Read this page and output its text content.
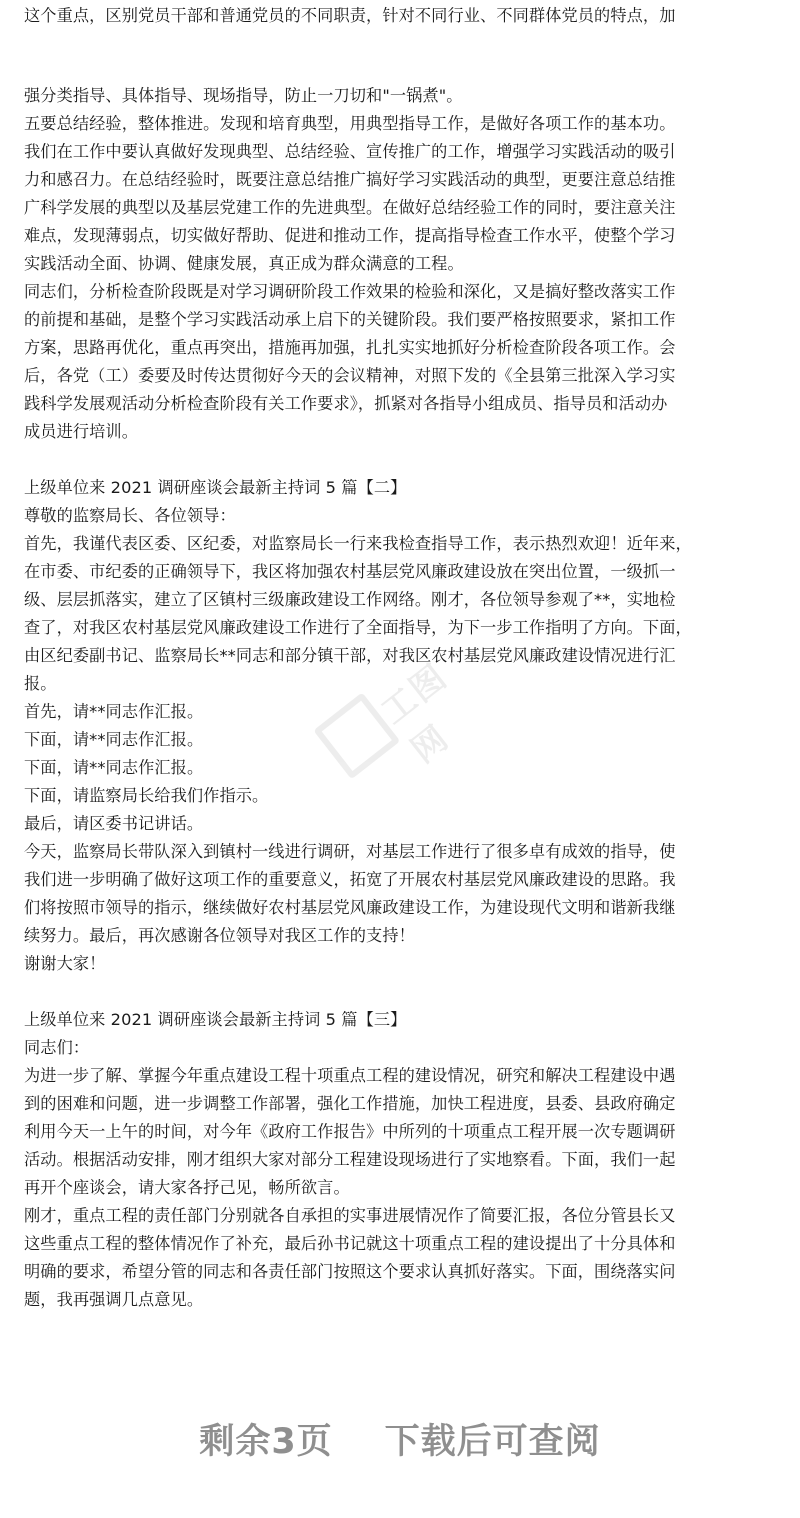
这个重点，区别党员干部和普通党员的不同职责，针对不同行业、不同群体党员的特点，加
强分类指导、具体指导、现场指导，防止一刀切和"一锅煮"。
五要总结经验，整体推进。发现和培育典型，用典型指导工作，是做好各项工作的基本功。
我们在工作中要认真做好发现典型、总结经验、宣传推广的工作，增强学习实践活动的吸引
力和感召力。在总结经验时，既要注意总结推广搞好学习实践活动的典型，更要注意总结推
广科学发展的典型以及基层党建工作的先进典型。在做好总结经验工作的同时，要注意关注
难点，发现薄弱点，切实做好帮助、促进和推动工作，提高指导检查工作水平，使整个学习
实践活动全面、协调、健康发展，真正成为群众满意的工程。
同志们，分析检查阶段既是对学习调研阶段工作效果的检验和深化，又是搞好整改落实工作
的前提和基础，是整个学习实践活动承上启下的关键阶段。我们要严格按照要求，紧扣工作
方案，思路再优化，重点再突出，措施再加强，扎扎实实地抓好分析检查阶段各项工作。会
后，各党（工）委要及时传达贯彻好今天的会议精神，对照下发的《全县第三批深入学习实
践科学发展观活动分析检查阶段有关工作要求》，抓紧对各指导小组成员、指导员和活动办
成员进行培训。
上级单位来 2021 调研座谈会最新主持词 5 篇【二】
尊敬的监察局长、各位领导：
首先，我谨代表区委、区纪委，对监察局长一行来我检查指导工作，表示热烈欢迎！近年来，
在市委、市纪委的正确领导下，我区将加强农村基层党风廉政建设放在突出位置，一级抓一
级、层层抓落实，建立了区镇村三级廉政建设工作网络。刚才，各位领导参观了**，实地检
查了，对我区农村基层党风廉政建设工作进行了全面指导，为下一步工作指明了方向。下面，
由区纪委副书记、监察局长**同志和部分镇干部，对我区农村基层党风廉政建设情况进行汇
报。
首先，请**同志作汇报。
下面，请**同志作汇报。
下面，请**同志作汇报。
下面，请监察局长给我们作指示。
最后，请区委书记讲话。
今天，监察局长带队深入到镇村一线进行调研，对基层工作进行了很多卓有成效的指导，使
我们进一步明确了做好这项工作的重要意义，拓宽了开展农村基层党风廉政建设的思路。我
们将按照市领导的指示，继续做好农村基层党风廉政建设工作，为建设现代文明和谐新我继
续努力。最后，再次感谢各位领导对我区工作的支持！
谢谢大家！
上级单位来 2021 调研座谈会最新主持词 5 篇【三】
同志们：
为进一步了解、掌握今年重点建设工程十项重点工程的建设情况，研究和解决工程建设中遇
到的困难和问题，进一步调整工作部署，强化工作措施，加快工程进度，县委、县政府确定
利用今天一上午的时间，对今年《政府工作报告》中所列的十项重点工程开展一次专题调研
活动。根据活动安排，刚才组织大家对部分工程建设现场进行了实地察看。下面，我们一起
再开个座谈会，请大家各抒己见，畅所欲言。
刚才，重点工程的责任部门分别就各自承担的实事进展情况作了简要汇报，各位分管县长又
这些重点工程的整体情况作了补充，最后孙书记就这十项重点工程的建设提出了十分具体和
明确的要求，希望分管的同志和各责任部门按照这个要求认真抓好落实。下面，围绕落实问
题，我再强调几点意见。
工图网
剩余3页 下载后可查阅
